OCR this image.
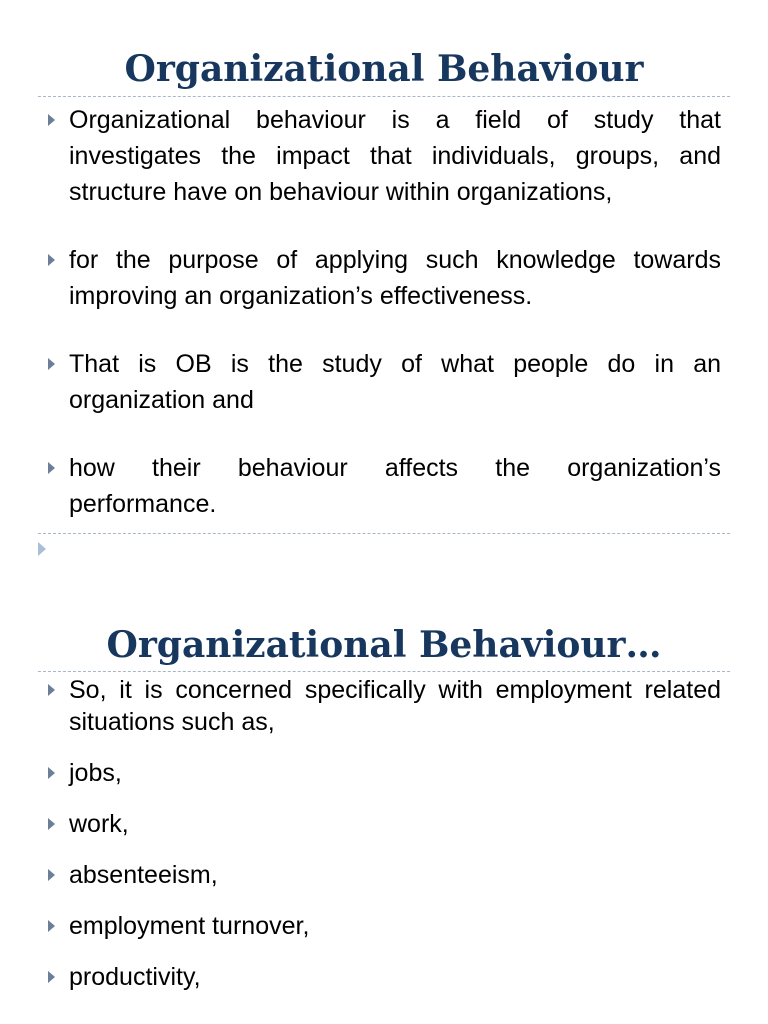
Organizational Behaviour
Organizational behaviour is a field of study that investigates the impact that individuals, groups, and structure have on behaviour within organizations,
for the purpose of applying such knowledge towards improving an organization’s effectiveness.
That is OB is the study of what people do in an organization and
how their behaviour affects the organization’s performance.
Organizational Behaviour…
So, it is concerned specifically with employment related situations such as,
jobs,
work,
absenteeism,
employment turnover,
productivity,
